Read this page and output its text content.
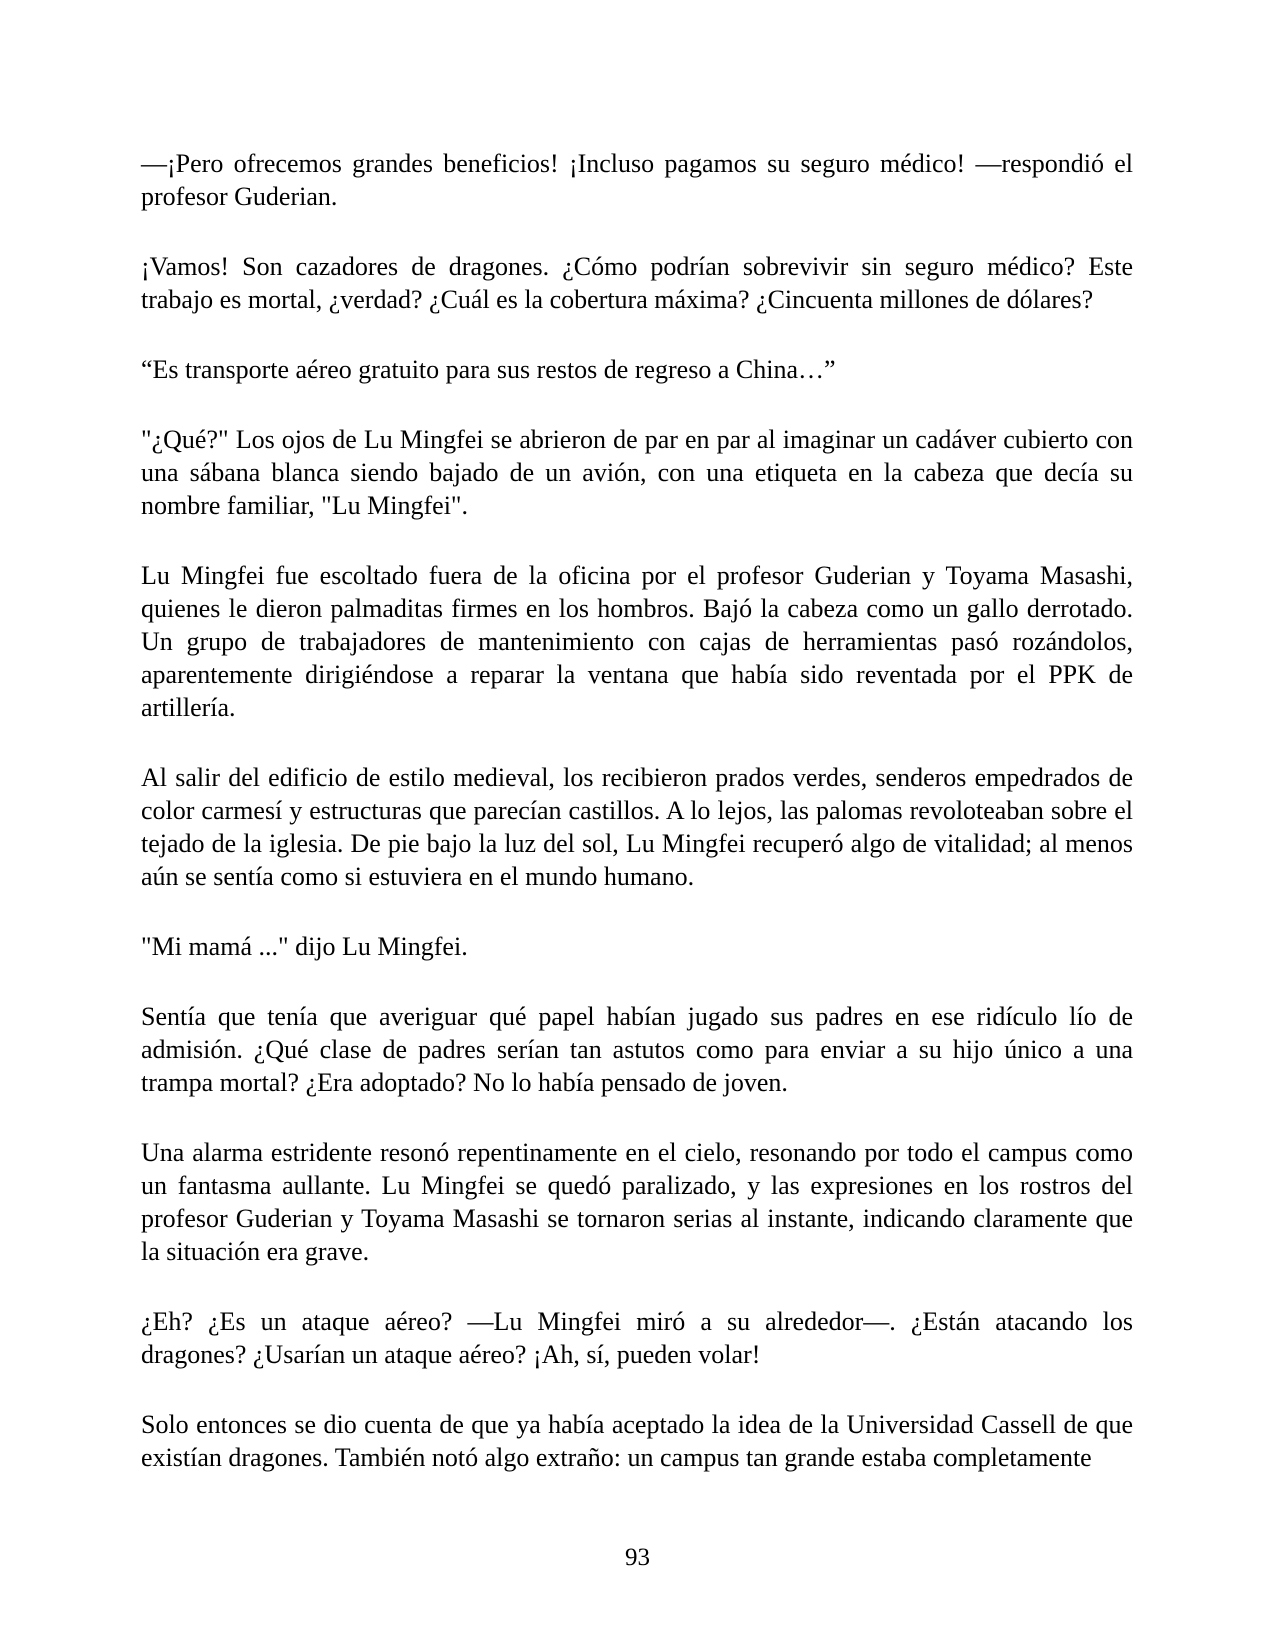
—¡Pero ofrecemos grandes beneficios! ¡Incluso pagamos su seguro médico! —respondió el profesor Guderian.

¡Vamos! Son cazadores de dragones. ¿Cómo podrían sobrevivir sin seguro médico? Este trabajo es mortal, ¿verdad? ¿Cuál es la cobertura máxima? ¿Cincuenta millones de dólares?

“Es transporte aéreo gratuito para sus restos de regreso a China…”

"¿Qué?" Los ojos de Lu Mingfei se abrieron de par en par al imaginar un cadáver cubierto con una sábana blanca siendo bajado de un avión, con una etiqueta en la cabeza que decía su nombre familiar, "Lu Mingfei".

Lu Mingfei fue escoltado fuera de la oficina por el profesor Guderian y Toyama Masashi, quienes le dieron palmaditas firmes en los hombros. Bajó la cabeza como un gallo derrotado. Un grupo de trabajadores de mantenimiento con cajas de herramientas pasó rozándolos, aparentemente dirigiéndose a reparar la ventana que había sido reventada por el PPK de artillería.

Al salir del edificio de estilo medieval, los recibieron prados verdes, senderos empedrados de color carmesí y estructuras que parecían castillos. A lo lejos, las palomas revoloteaban sobre el tejado de la iglesia. De pie bajo la luz del sol, Lu Mingfei recuperó algo de vitalidad; al menos aún se sentía como si estuviera en el mundo humano.

"Mi mamá ..." dijo Lu Mingfei.

Sentía que tenía que averiguar qué papel habían jugado sus padres en ese ridículo lío de admisión. ¿Qué clase de padres serían tan astutos como para enviar a su hijo único a una trampa mortal? ¿Era adoptado? No lo había pensado de joven.

Una alarma estridente resonó repentinamente en el cielo, resonando por todo el campus como un fantasma aullante. Lu Mingfei se quedó paralizado, y las expresiones en los rostros del profesor Guderian y Toyama Masashi se tornaron serias al instante, indicando claramente que la situación era grave.

¿Eh? ¿Es un ataque aéreo? —Lu Mingfei miró a su alrededor—. ¿Están atacando los dragones? ¿Usarían un ataque aéreo? ¡Ah, sí, pueden volar!

Solo entonces se dio cuenta de que ya había aceptado la idea de la Universidad Cassell de que existían dragones. También notó algo extraño: un campus tan grande estaba completamente

93
